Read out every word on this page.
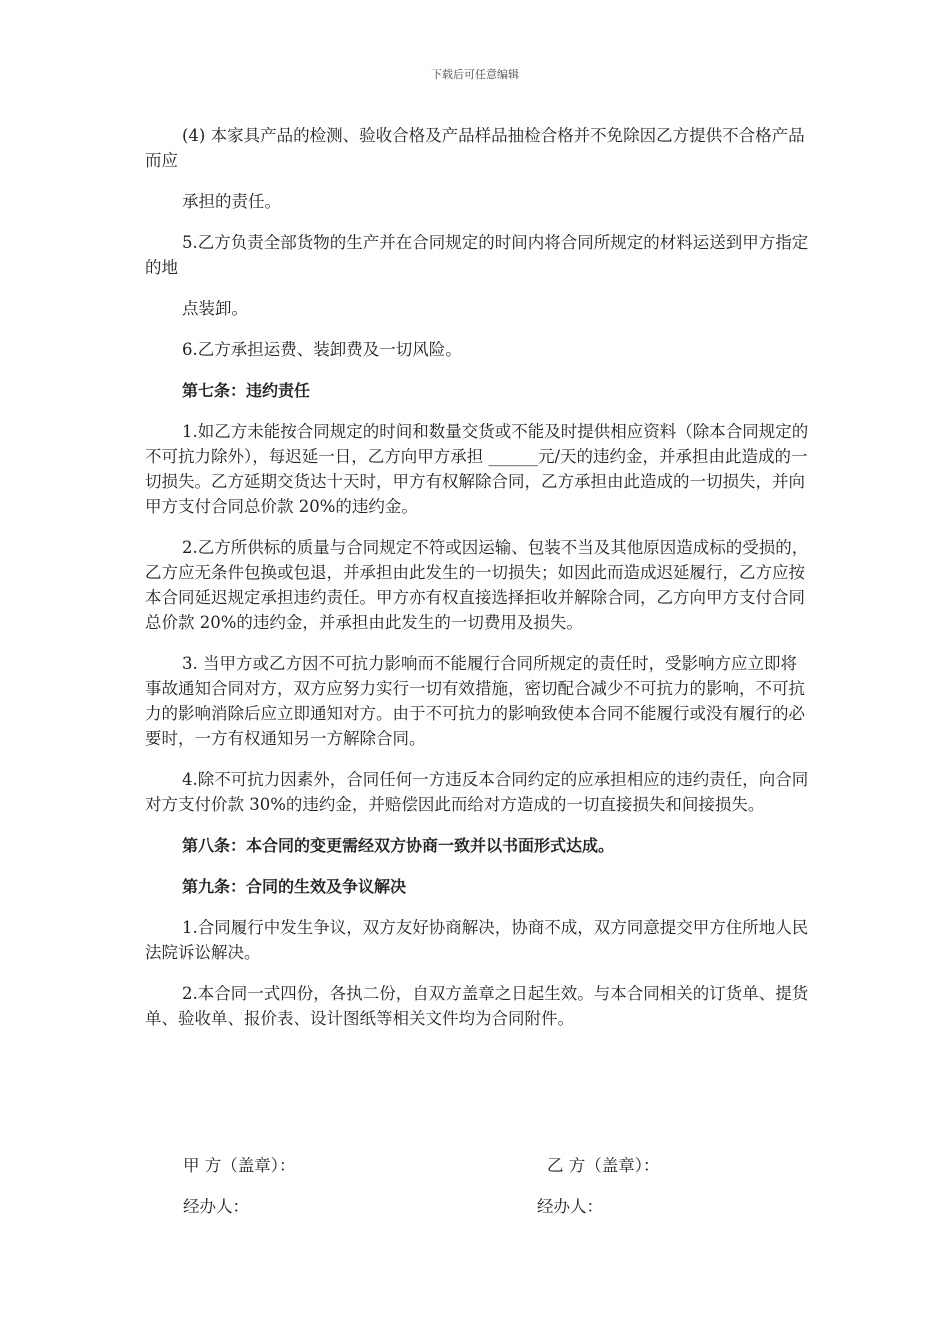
下载后可任意编辑

(4) 本家具产品的检测、验收合格及产品样品抽检合格并不免除因乙方提供不合格产品而应

承担的责任。

5.乙方负责全部货物的生产并在合同规定的时间内将合同所规定的材料运送到甲方指定的地

点装卸。

6.乙方承担运费、装卸费及一切风险。

第七条：违约责任

1.如乙方未能按合同规定的时间和数量交货或不能及时提供相应资料（除本合同规定的不可抗力除外），每迟延一日，乙方向甲方承担 ______元/天的违约金，并承担由此造成的一切损失。乙方延期交货达十天时，甲方有权解除合同，乙方承担由此造成的一切损失，并向甲方支付合同总价款 20%的违约金。

2.乙方所供标的质量与合同规定不符或因运输、包装不当及其他原因造成标的受损的，乙方应无条件包换或包退，并承担由此发生的一切损失；如因此而造成迟延履行，乙方应按本合同延迟规定承担违约责任。甲方亦有权直接选择拒收并解除合同，乙方向甲方支付合同总价款 20%的违约金，并承担由此发生的一切费用及损失。

3. 当甲方或乙方因不可抗力影响而不能履行合同所规定的责任时，受影响方应立即将事故通知合同对方，双方应努力实行一切有效措施，密切配合减少不可抗力的影响，不可抗力的影响消除后应立即通知对方。由于不可抗力的影响致使本合同不能履行或没有履行的必要时，一方有权通知另一方解除合同。

4.除不可抗力因素外，合同任何一方违反本合同约定的应承担相应的违约责任，向合同对方支付价款 30%的违约金，并赔偿因此而给对方造成的一切直接损失和间接损失。

第八条：本合同的变更需经双方协商一致并以书面形式达成。

第九条：合同的生效及争议解决

1.合同履行中发生争议，双方友好协商解决，协商不成，双方同意提交甲方住所地人民法院诉讼解决。

2.本合同一式四份，各执二份，自双方盖章之日起生效。与本合同相关的订货单、提货单、验收单、报价表、设计图纸等相关文件均为合同附件。

甲 方（盖章）：	乙 方（盖章）：
经办人：	经办人：
